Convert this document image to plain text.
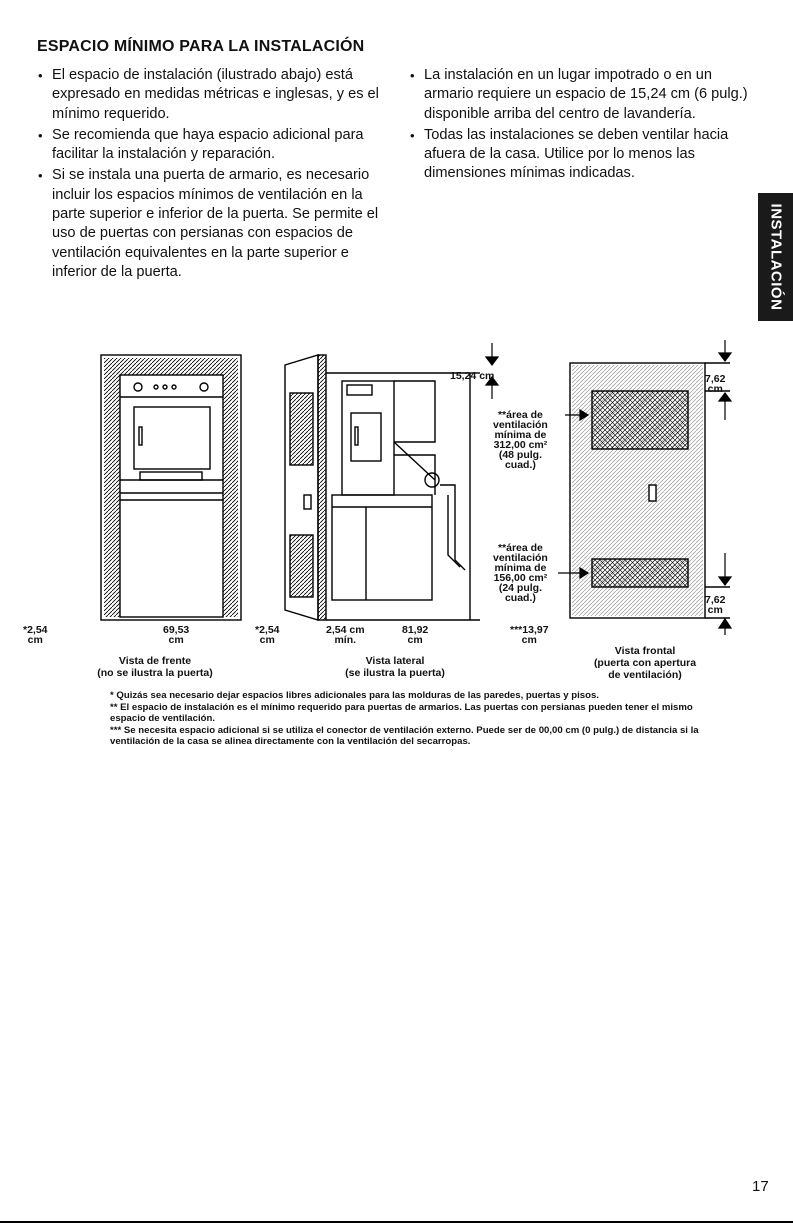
ESPACIO MÍNIMO PARA LA INSTALACIÓN
• El espacio de instalación (ilustrado abajo) está expresado en medidas métricas e inglesas, y es el mínimo requerido.
• Se recomienda que haya espacio adicional para facilitar la instalación y reparación.
• Si se instala una puerta de armario, es necesario incluir los espacios mínimos de ventilación en la parte superior e inferior de la puerta. Se permite el uso de puertas con persianas con espacios de ventilación equivalentes en la parte superior e inferior de la puerta.
• La instalación en un lugar impotrado o en un armario requiere un espacio de 15,24 cm (6 pulg.) disponible arriba del centro de lavandería.
• Todas las instalaciones se deben ventilar hacia afuera de la casa. Utilice por lo menos las dimensiones mínimas indicadas.
INSTALACIÓN
15,24 cm	7,62
cm
7,62
cm
**área de
ventilación
mínima de
312,00 cm²
(48 pulg.
cuad.)
**área de
ventilación
mínima de
156,00 cm²
(24 pulg.
cuad.)
*2,54
cm
69,53
cm
*2,54
cm
2,54 cm
mín.
81,92
cm
***13,97
cm
Vista de frente
(no se ilustra la puerta)
Vista lateral
(se ilustra la puerta)
Vista frontal
(puerta con apertura
de ventilación)

* Quizás sea necesario dejar espacios libres adicionales para las molduras de las paredes, puertas y pisos.

** El espacio de instalación es el mínimo requerido para puertas de armarios. Las puertas con persianas pueden tener el mismo espacio de ventilación.

*** Se necesita espacio adicional si se utiliza el conector de ventilación externo. Puede ser de 00,00 cm (0 pulg.) de distancia si la ventilación de la casa se alinea directamente con la ventilación del secarropas.

17
